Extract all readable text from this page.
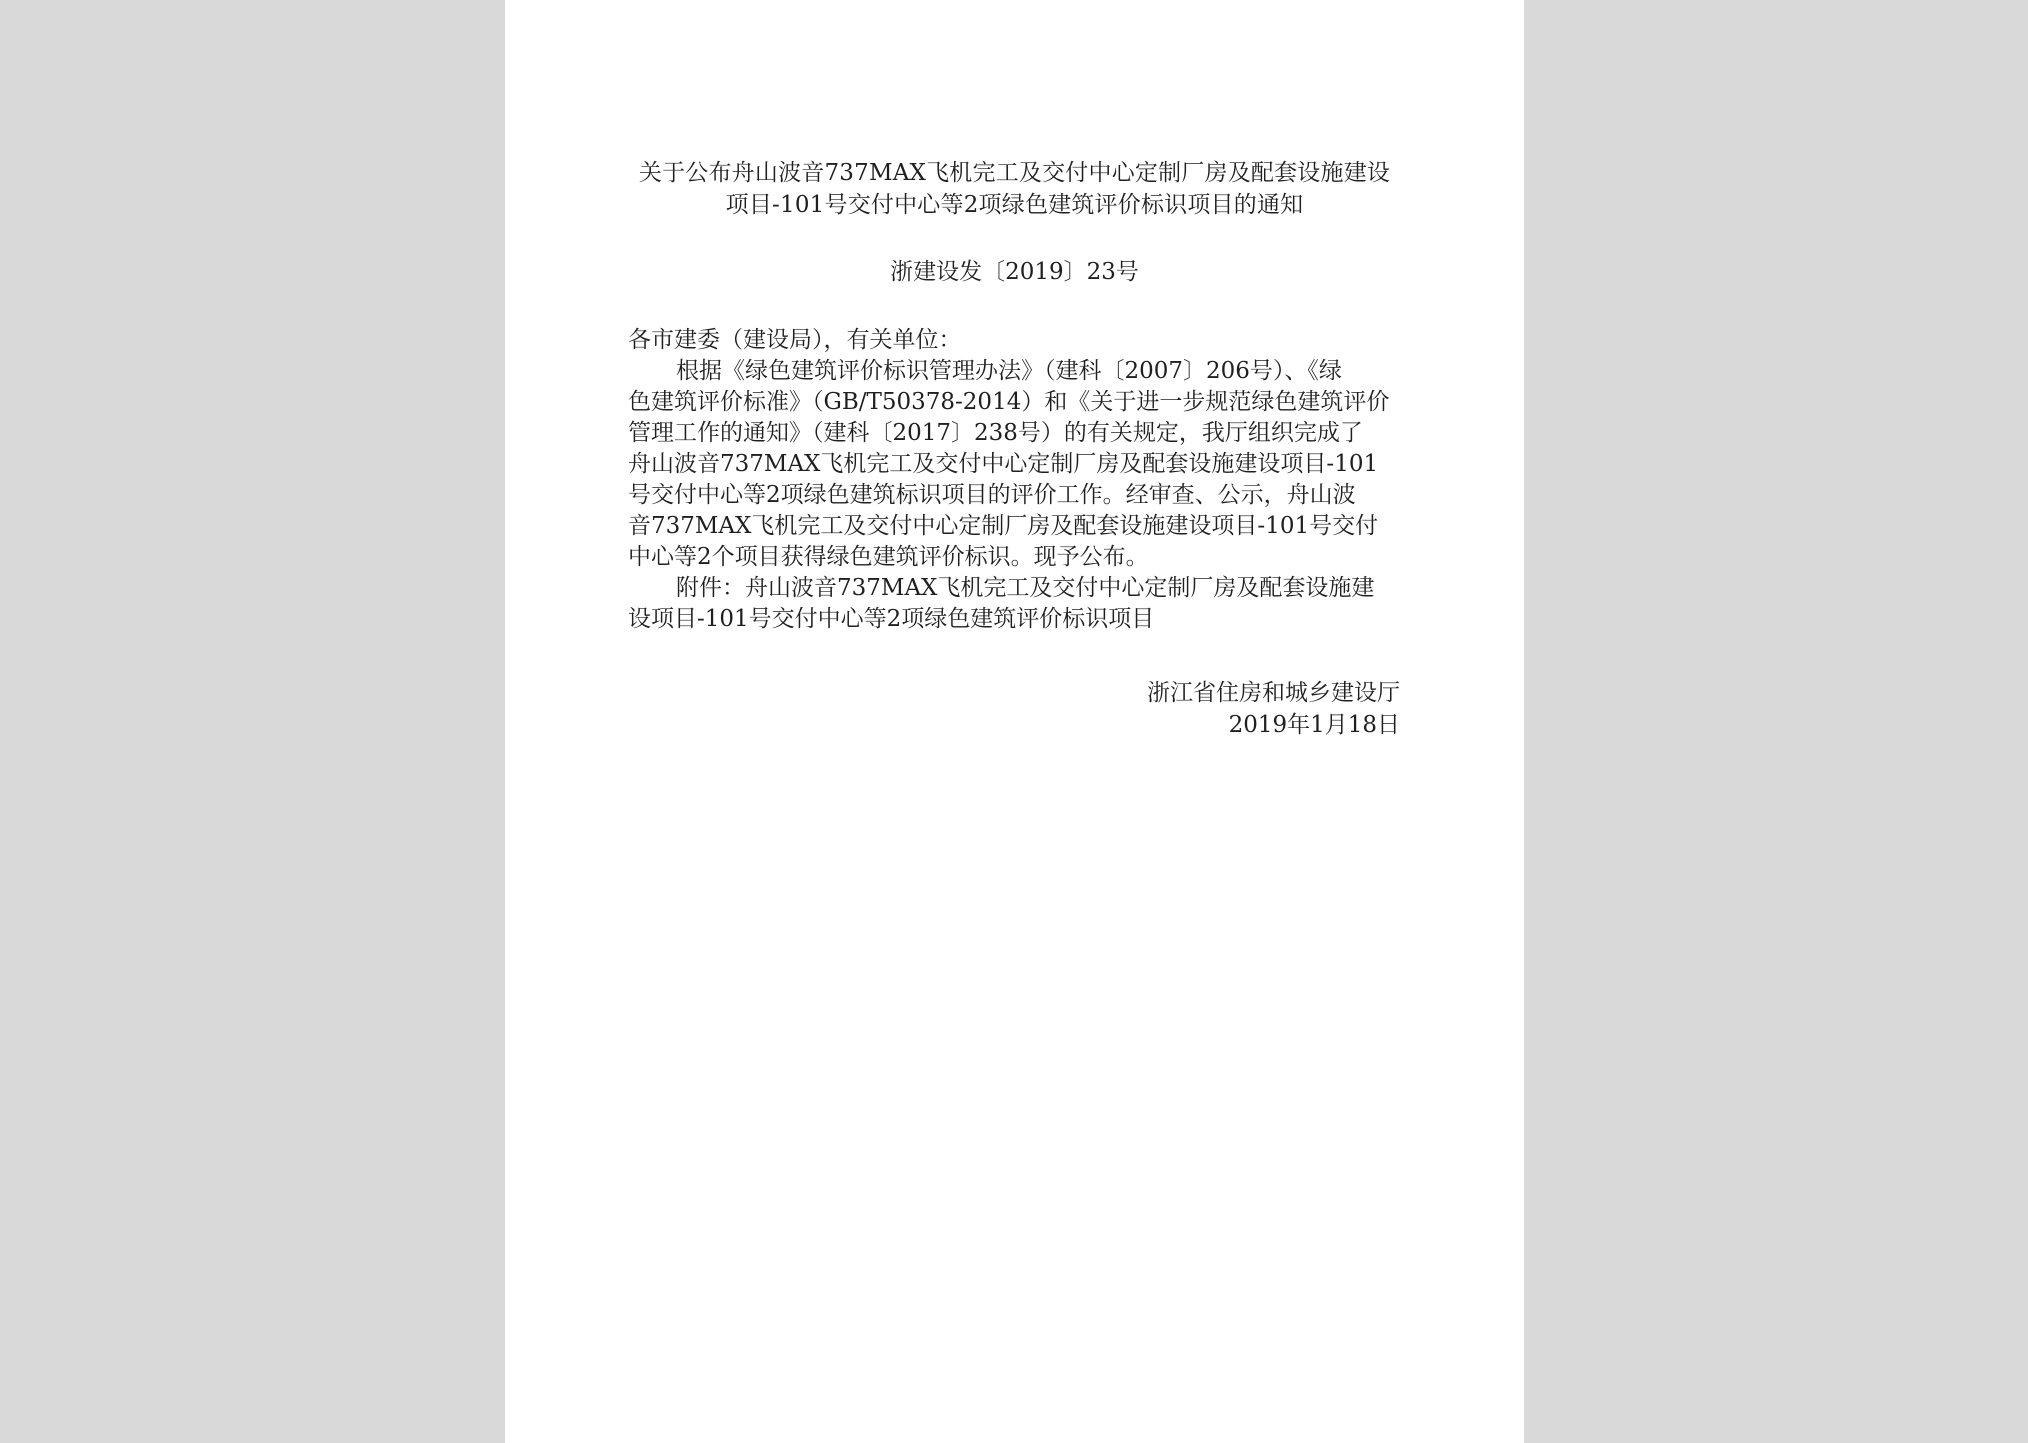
关于公布舟山波音737MAX飞机完工及交付中心定制厂房及配套设施建设
项目-101号交付中心等2项绿色建筑评价标识项目的通知
浙建设发〔2019〕23号
各市建委（建设局），有关单位：
根据《绿色建筑评价标识管理办法》（建科〔2007〕206号）、《绿
色建筑评价标准》（GB/T50378-2014）和《关于进一步规范绿色建筑评价
管理工作的通知》（建科〔2017〕238号）的有关规定，我厅组织完成了
舟山波音737MAX飞机完工及交付中心定制厂房及配套设施建设项目-101
号交付中心等2项绿色建筑标识项目的评价工作。经审查、公示，舟山波
音737MAX飞机完工及交付中心定制厂房及配套设施建设项目-101号交付
中心等2个项目获得绿色建筑评价标识。现予公布。
附件：舟山波音737MAX飞机完工及交付中心定制厂房及配套设施建
设项目-101号交付中心等2项绿色建筑评价标识项目
浙江省住房和城乡建设厅
2019年1月18日
